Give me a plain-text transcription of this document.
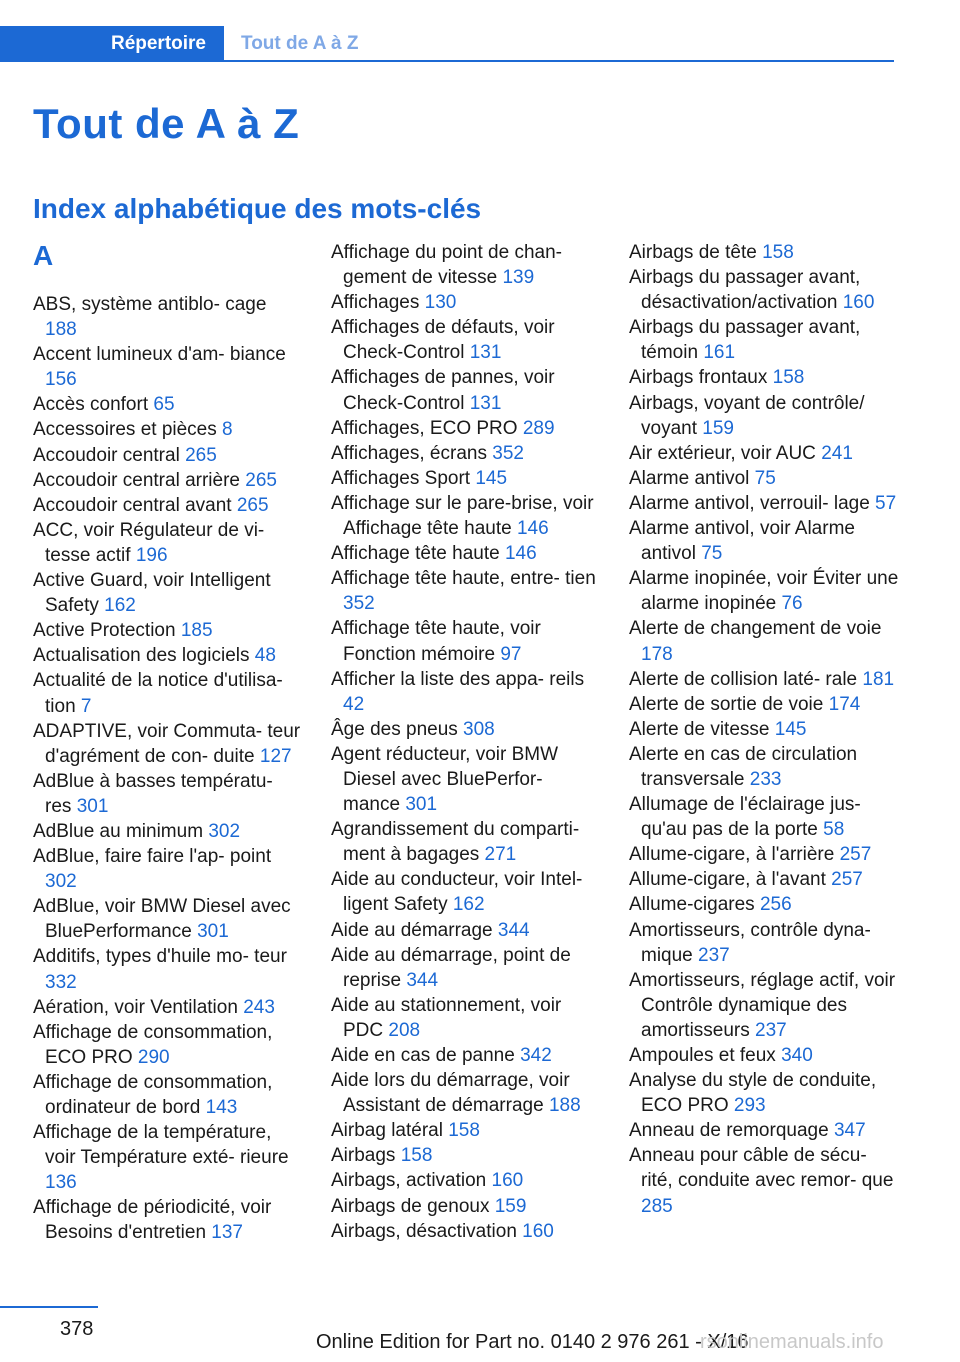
Répertoire	Tout de A à Z
Tout de A à Z
Index alphabétique des mots-clés
A
ABS, système antiblo‐ cage 188
Accent lumineux d'am‐ biance 156
Accès confort 65
Accessoires et pièces 8
Accoudoir central 265
Accoudoir central arrière 265
Accoudoir central avant 265
ACC, voir Régulateur de vi‐ tesse actif 196
Active Guard, voir Intelligent Safety 162
Active Protection 185
Actualisation des logiciels 48
Actualité de la notice d'utilisa‐ tion 7
ADAPTIVE, voir Commuta‐ teur d'agrément de con‐ duite 127
AdBlue à basses températu‐ res 301
AdBlue au minimum 302
AdBlue, faire faire l'ap‐ point 302
AdBlue, voir BMW Diesel avec BluePerformance 301
Additifs, types d'huile mo‐ teur 332
Aération, voir Ventilation 243
Affichage de consommation, ECO PRO 290
Affichage de consommation, ordinateur de bord 143
Affichage de la température, voir Température exté‐ rieure 136
Affichage de périodicité, voir Besoins d'entretien 137
Affichage du point de chan‐ gement de vitesse 139
Affichages 130
Affichages de défauts, voir Check-Control 131
Affichages de pannes, voir Check-Control 131
Affichages, ECO PRO 289
Affichages, écrans 352
Affichages Sport 145
Affichage sur le pare-brise, voir Affichage tête haute 146
Affichage tête haute 146
Affichage tête haute, entre‐ tien 352
Affichage tête haute, voir Fonction mémoire 97
Afficher la liste des appa‐ reils 42
Âge des pneus 308
Agent réducteur, voir BMW Diesel avec BluePerfor‐ mance 301
Agrandissement du comparti‐ ment à bagages 271
Aide au conducteur, voir Intel‐ ligent Safety 162
Aide au démarrage 344
Aide au démarrage, point de reprise 344
Aide au stationnement, voir PDC 208
Aide en cas de panne 342
Aide lors du démarrage, voir Assistant de démarrage 188
Airbag latéral 158
Airbags 158
Airbags, activation 160
Airbags de genoux 159
Airbags, désactivation 160
Airbags de tête 158
Airbags du passager avant, désactivation/activation 160
Airbags du passager avant, témoin 161
Airbags frontaux 158
Airbags, voyant de contrôle/ voyant 159
Air extérieur, voir AUC 241
Alarme antivol 75
Alarme antivol, verrouil‐ lage 57
Alarme antivol, voir Alarme antivol 75
Alarme inopinée, voir Éviter une alarme inopinée 76
Alerte de changement de voie 178
Alerte de collision laté‐ rale 181
Alerte de sortie de voie 174
Alerte de vitesse 145
Alerte en cas de circulation transversale 233
Allumage de l'éclairage jus‐ qu'au pas de la porte 58
Allume-cigare, à l'arrière 257
Allume-cigare, à l'avant 257
Allume-cigares 256
Amortisseurs, contrôle dyna‐ mique 237
Amortisseurs, réglage actif, voir Contrôle dynamique des amortisseurs 237
Ampoules et feux 340
Analyse du style de conduite, ECO PRO 293
Anneau de remorquage 347
Anneau pour câble de sécu‐ rité, conduite avec remor‐ que 285
378
Online Edition for Part no. 0140 2 976 261 - X/16
rsonlinemanuals.info
